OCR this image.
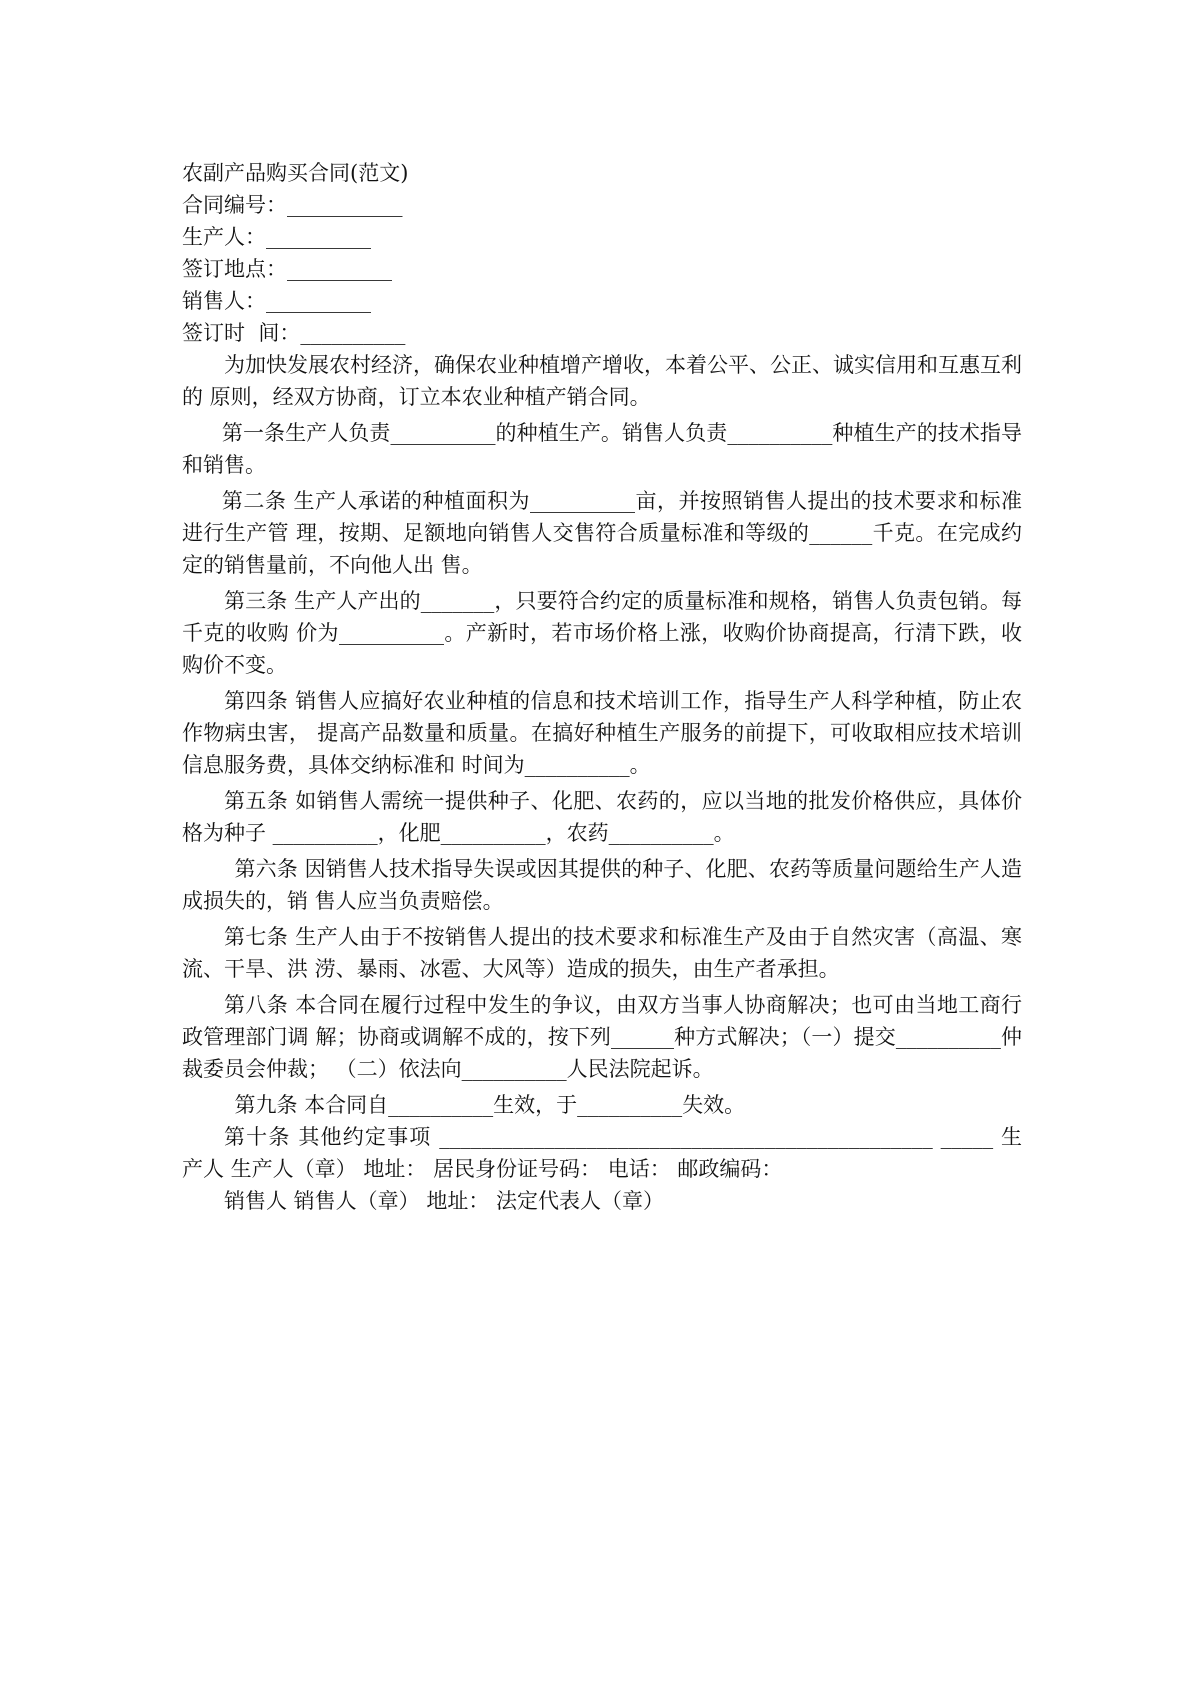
农副产品购买合同(范文)
合同编号：___________
生产人：__________
签订地点：__________
销售人：__________
签订时  间：__________

为加快发展农村经济，确保农业种植增产增收，本着公平、公正、诚实信用和互惠互利的 原则，经双方协商，订立本农业种植产销合同。

第一条生产人负责__________的种植生产。销售人负责__________种植生产的技术指导和销售。

第二条 生产人承诺的种植面积为__________亩，并按照销售人提出的技术要求和标准进行生产管 理，按期、足额地向销售人交售符合质量标准和等级的______千克。在完成约定的销售量前，不向他人出 售。

第三条 生产人产出的_______，只要符合约定的质量标准和规格，销售人负责包销。每千克的收购 价为__________。产新时，若市场价格上涨，收购价协商提高，行清下跌，收购价不变。

第四条 销售人应搞好农业种植的信息和技术培训工作，指导生产人科学种植，防止农作物病虫害， 提高产品数量和质量。在搞好种植生产服务的前提下，可收取相应技术培训信息服务费，具体交纳标准和 时间为__________。

第五条 如销售人需统一提供种子、化肥、农药的，应以当地的批发价格供应，具体价格为种子 __________，化肥__________，农药__________。

第六条 因销售人技术指导失误或因其提供的种子、化肥、农药等质量问题给生产人造成损失的，销 售人应当负责赔偿。

第七条 生产人由于不按销售人提出的技术要求和标准生产及由于自然灾害（高温、寒流、干旱、洪 涝、暴雨、冰雹、大风等）造成的损失，由生产者承担。

第八条 本合同在履行过程中发生的争议，由双方当事人协商解决；也可由当地工商行政管理部门调 解；协商或调解不成的，按下列______种方式解决；（一）提交__________仲裁委员会仲裁； （二）依法向__________人民法院起诉。

第九条 本合同自__________生效，于__________失效。

第十条 其他约定事项 _______________________________________________ _____ 生产人 生产人（章） 地址： 居民身份证号码： 电话： 邮政编码：

销售人 销售人（章） 地址： 法定代表人（章）
